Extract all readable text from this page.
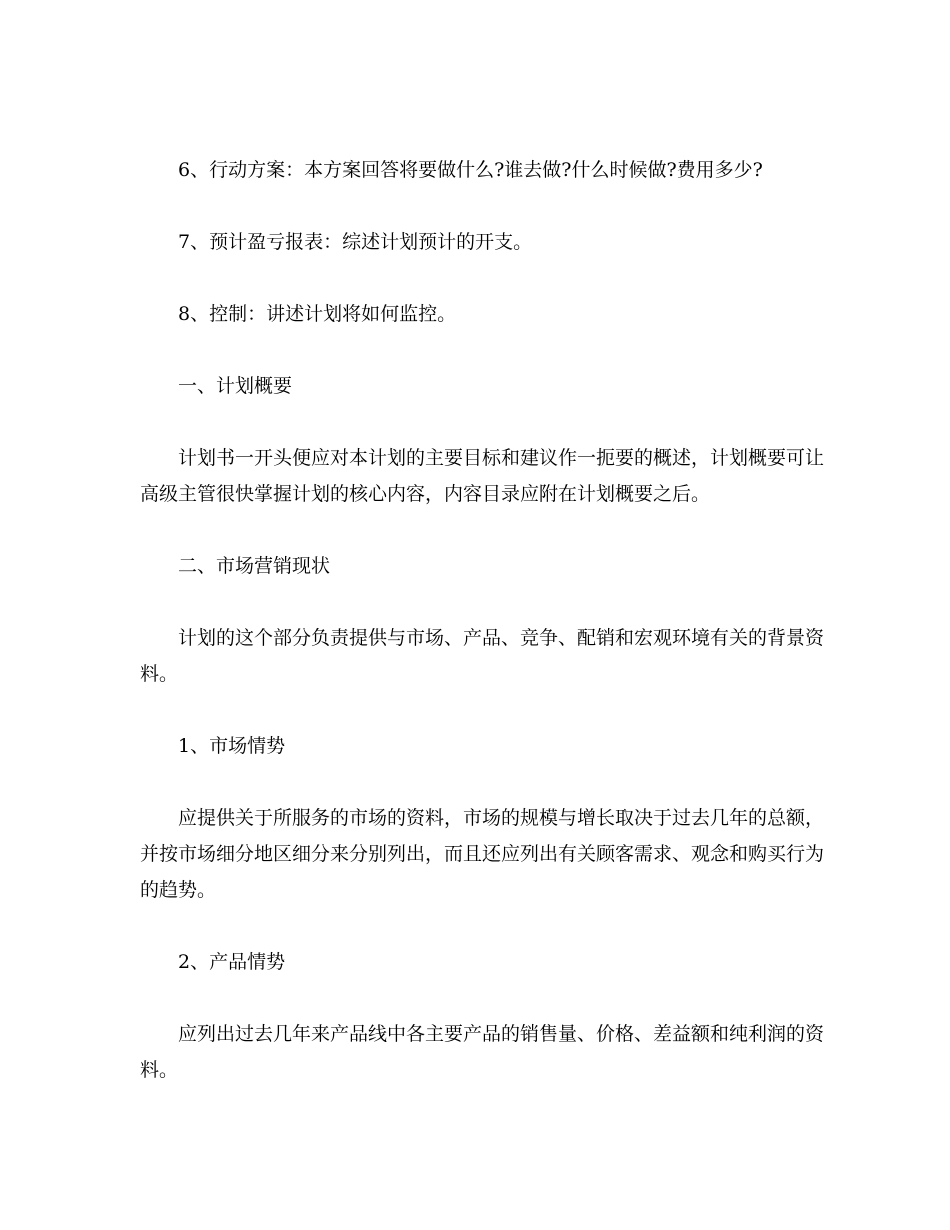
6、行动方案：本方案回答将要做什么?谁去做?什么时候做?费用多少?

7、预计盈亏报表：综述计划预计的开支。

8、控制：讲述计划将如何监控。

一、计划概要

计划书一开头便应对本计划的主要目标和建议作一扼要的概述，计划概要可让高级主管很快掌握计划的核心内容，内容目录应附在计划概要之后。

二、市场营销现状

计划的这个部分负责提供与市场、产品、竞争、配销和宏观环境有关的背景资料。

1、市场情势

应提供关于所服务的市场的资料，市场的规模与增长取决于过去几年的总额，并按市场细分地区细分来分别列出，而且还应列出有关顾客需求、观念和购买行为的趋势。

2、产品情势

应列出过去几年来产品线中各主要产品的销售量、价格、差益额和纯利润的资料。
